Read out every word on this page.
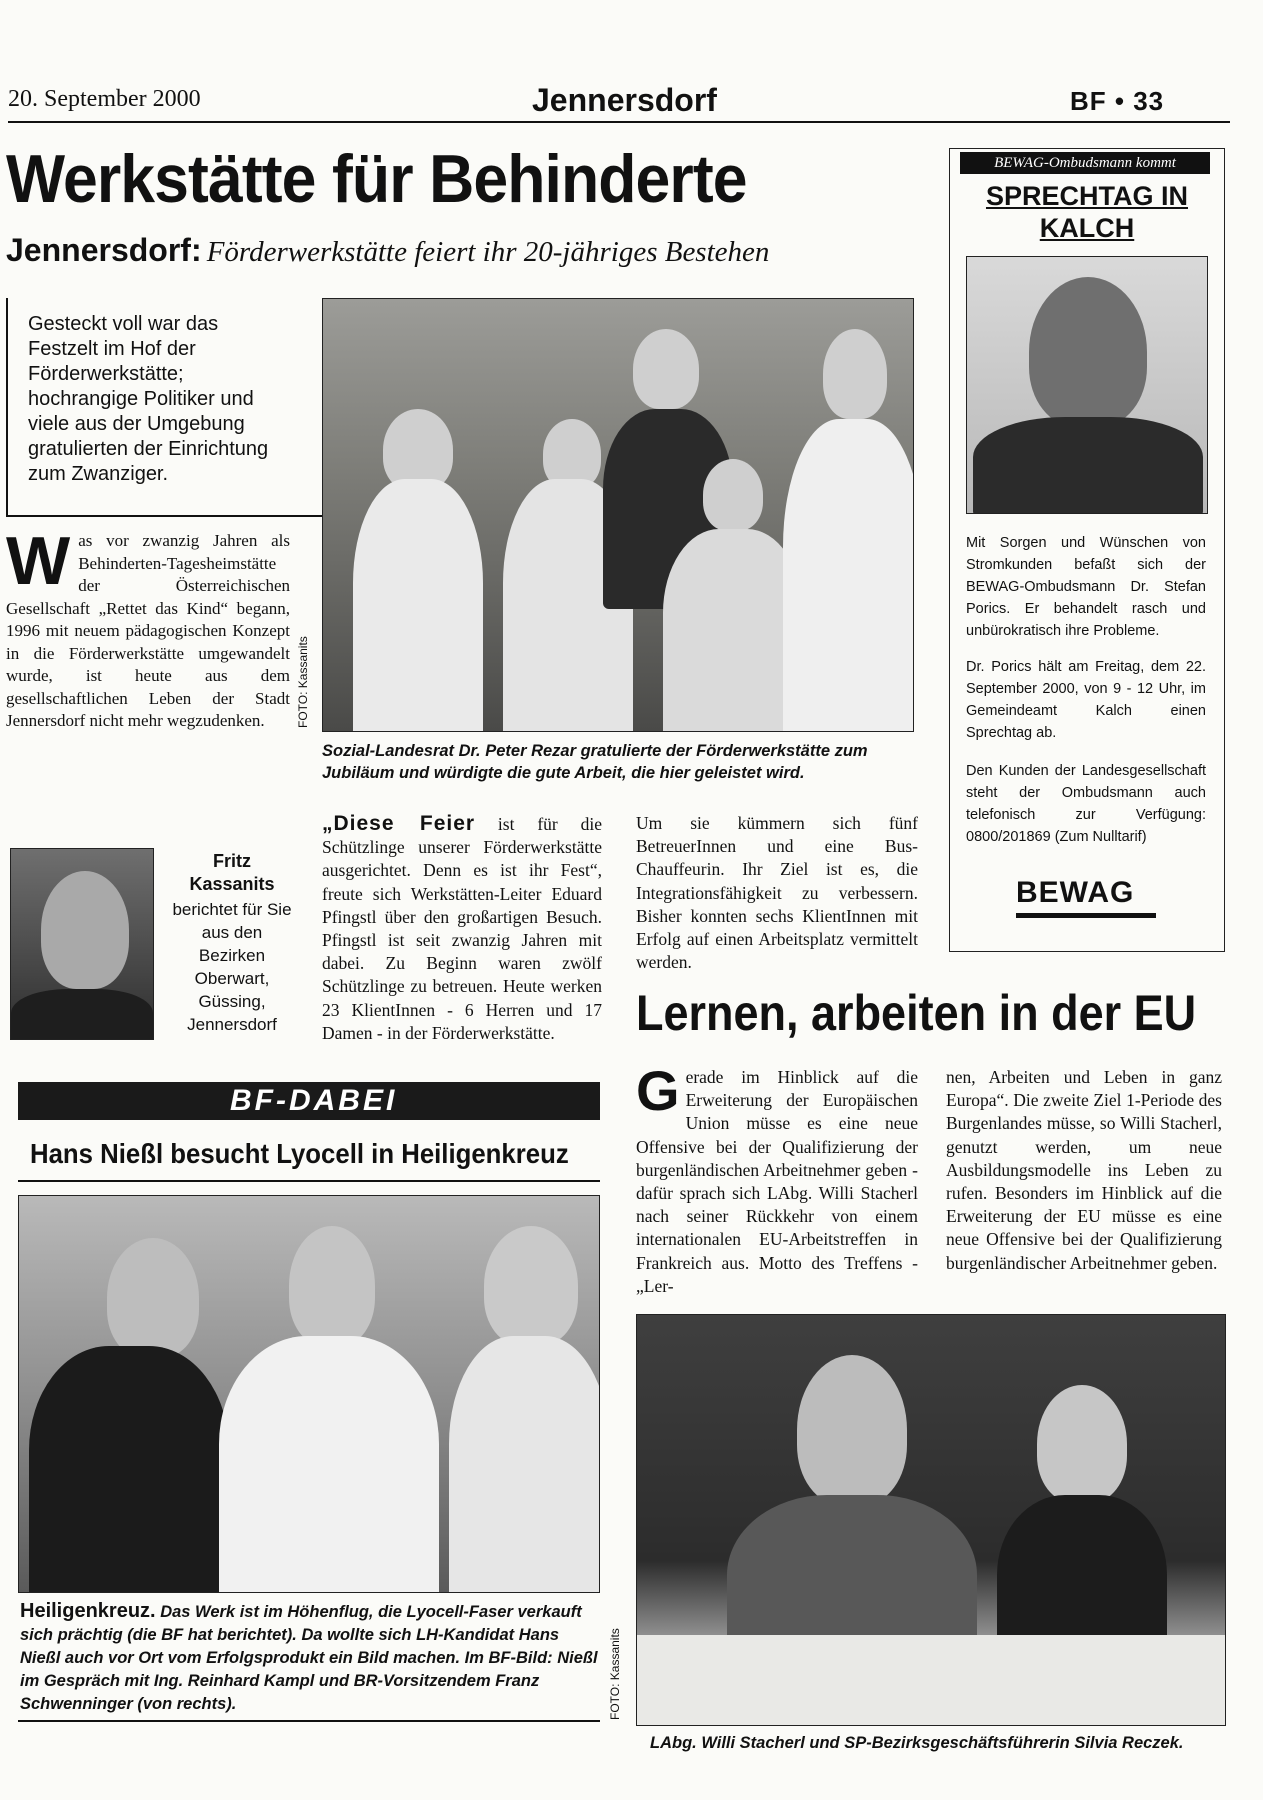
20. September 2000	Jennersdorf	BF • 33
Werkstätte für Behinderte
Jennersdorf: Förderwerkstätte feiert ihr 20-jähriges Bestehen
Gesteckt voll war das Festzelt im Hof der Förderwerkstätte; hochrangige Politiker und viele aus der Umgebung gratulierten der Einrichtung zum Zwanziger.

Was vor zwanzig Jahren als Behinderten-Tagesheimstätte der Österreichischen Gesellschaft „Rettet das Kind“ begann, 1996 mit neuem pädagogischen Konzept in die Förderwerkstätte umgewandelt wurde, ist heute aus dem gesellschaftlichen Leben der Stadt Jennersdorf nicht mehr wegzudenken.	FOTO: Kassanits
Sozial-Landesrat Dr. Peter Rezar gratulierte der Förderwerkstätte zum Jubiläum und würdigte die gute Arbeit, die hier geleistet wird.
Fritz Kassanits
berichtet für Sie aus den Bezirken Oberwart, Güssing, Jennersdorf
„Diese Feier ist für die Schützlinge unserer Förderwerkstätte ausgerichtet. Denn es ist ihr Fest“, freute sich Werkstätten-Leiter Eduard Pfingstl über den großartigen Besuch. Pfingstl ist seit zwanzig Jahren mit dabei. Zu Beginn waren zwölf Schützlinge zu betreuen. Heute werken 23 KlientInnen - 6 Herren und 17 Damen - in der Förderwerkstätte.
Um sie kümmern sich fünf BetreuerInnen und eine Bus-Chauffeurin. Ihr Ziel ist es, die Integrationsfähigkeit zu verbessern. Bisher konnten sechs KlientInnen mit Erfolg auf einen Arbeitsplatz vermittelt werden.
BEWAG-Ombudsmann kommt
SPRECHTAG IN KALCH
Mit Sorgen und Wünschen von Stromkunden befaßt sich der BEWAG-Ombudsmann Dr. Stefan Porics. Er behandelt rasch und unbürokratisch ihre Probleme.
Dr. Porics hält am Freitag, dem 22. September 2000, von 9 - 12 Uhr, im Gemeindeamt Kalch einen Sprechtag ab.
Den Kunden der Landesgesellschaft steht der Ombudsmann auch telefonisch zur Verfügung: 0800/201869 (Zum Nulltarif)
BEWAG
BF-DABEI
Hans Nießl besucht Lyocell in Heiligenkreuz
Heiligenkreuz. Das Werk ist im Höhenflug, die Lyocell-Faser verkauft sich prächtig (die BF hat berichtet). Da wollte sich LH-Kandidat Hans Nießl auch vor Ort vom Erfolgsprodukt ein Bild machen. Im BF-Bild: Nießl im Gespräch mit Ing. Reinhard Kampl und BR-Vorsitzendem Franz Schwenninger (von rechts).
Lernen, arbeiten in der EU
Gerade im Hinblick auf die Erweiterung der Europäischen Union müsse es eine neue Offensive bei der Qualifizierung der burgenländischen Arbeitnehmer geben - dafür sprach sich LAbg. Willi Stacherl nach seiner Rückkehr von einem internationalen EU-Arbeitstreffen in Frankreich aus. Motto des Treffens - „Ler-
nen, Arbeiten und Leben in ganz Europa“. Die zweite Ziel 1-Periode des Burgenlandes müsse, so Willi Stacherl, genutzt werden, um neue Ausbildungsmodelle ins Leben zu rufen. Besonders im Hinblick auf die Erweiterung der EU müsse es eine neue Offensive bei der Qualifizierung burgenländischer Arbeitnehmer geben.
FOTO: Kassanits
LAbg. Willi Stacherl und SP-Bezirksgeschäftsführerin Silvia Reczek.
